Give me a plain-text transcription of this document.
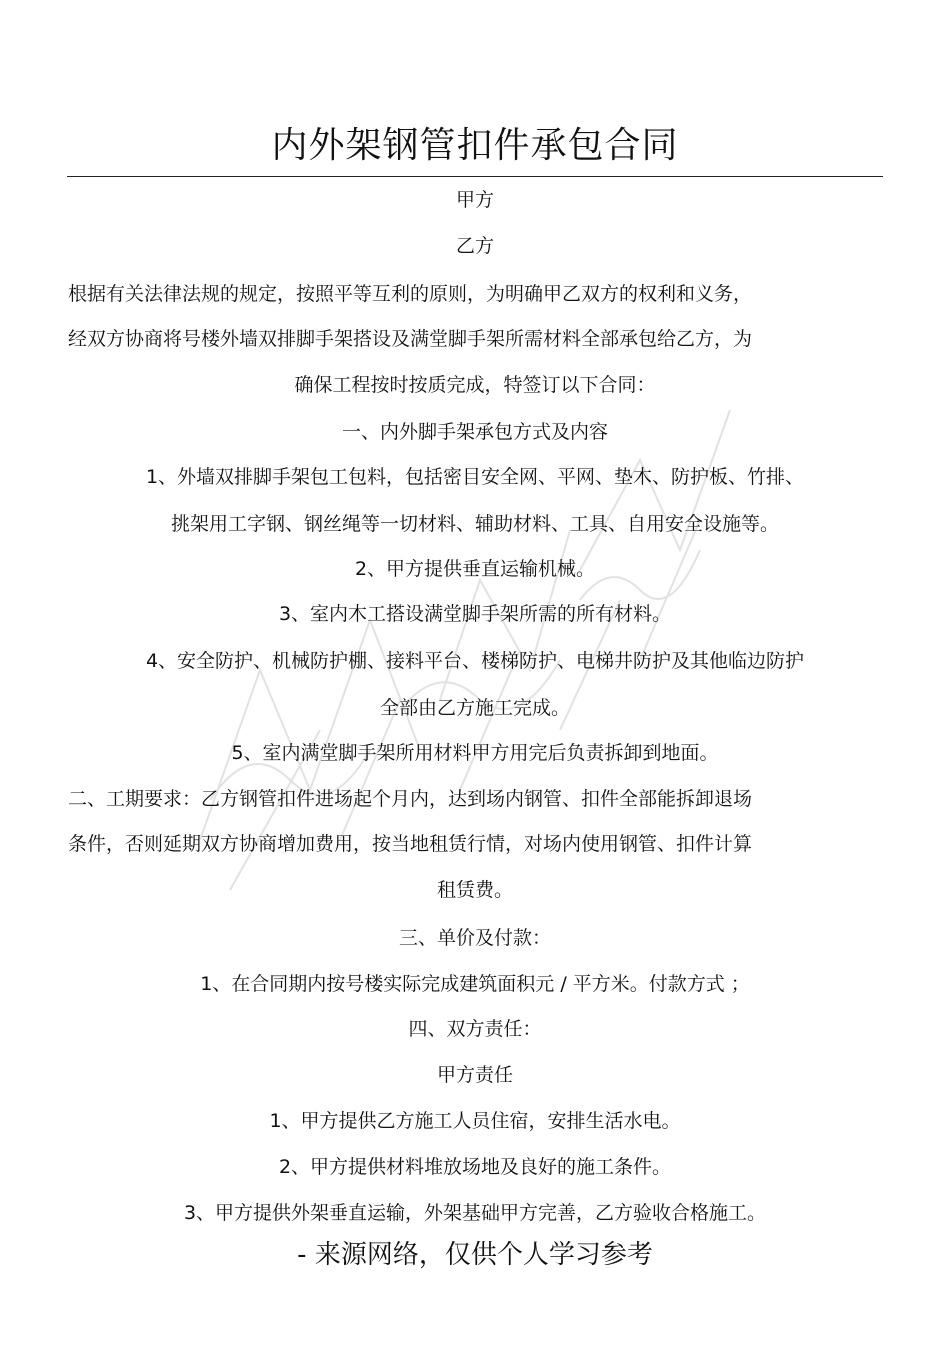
内外架钢管扣件承包合同
甲方
乙方
根据有关法律法规的规定，按照平等互利的原则，为明确甲乙双方的权利和义务，
经双方协商将号楼外墙双排脚手架搭设及满堂脚手架所需材料全部承包给乙方，为
确保工程按时按质完成，特签订以下合同：
一、内外脚手架承包方式及内容
1、外墙双排脚手架包工包料，包括密目安全网、平网、垫木、防护板、竹排、
挑架用工字钢、钢丝绳等一切材料、辅助材料、工具、自用安全设施等。
2、甲方提供垂直运输机械。
3、室内木工搭设满堂脚手架所需的所有材料。
4、安全防护、机械防护棚、接料平台、楼梯防护、电梯井防护及其他临边防护
全部由乙方施工完成。
5、室内满堂脚手架所用材料甲方用完后负责拆卸到地面。
二、工期要求：乙方钢管扣件进场起个月内，达到场内钢管、扣件全部能拆卸退场
条件，否则延期双方协商增加费用，按当地租赁行情，对场内使用钢管、扣件计算
租赁费。
三、单价及付款：
1、在合同期内按号楼实际完成建筑面积元 / 平方米。付款方式 ；
四、双方责任：
甲方责任
1、甲方提供乙方施工人员住宿，安排生活水电。
2、甲方提供材料堆放场地及良好的施工条件。
3、甲方提供外架垂直运输，外架基础甲方完善，乙方验收合格施工。
- 来源网络，仅供个人学习参考
